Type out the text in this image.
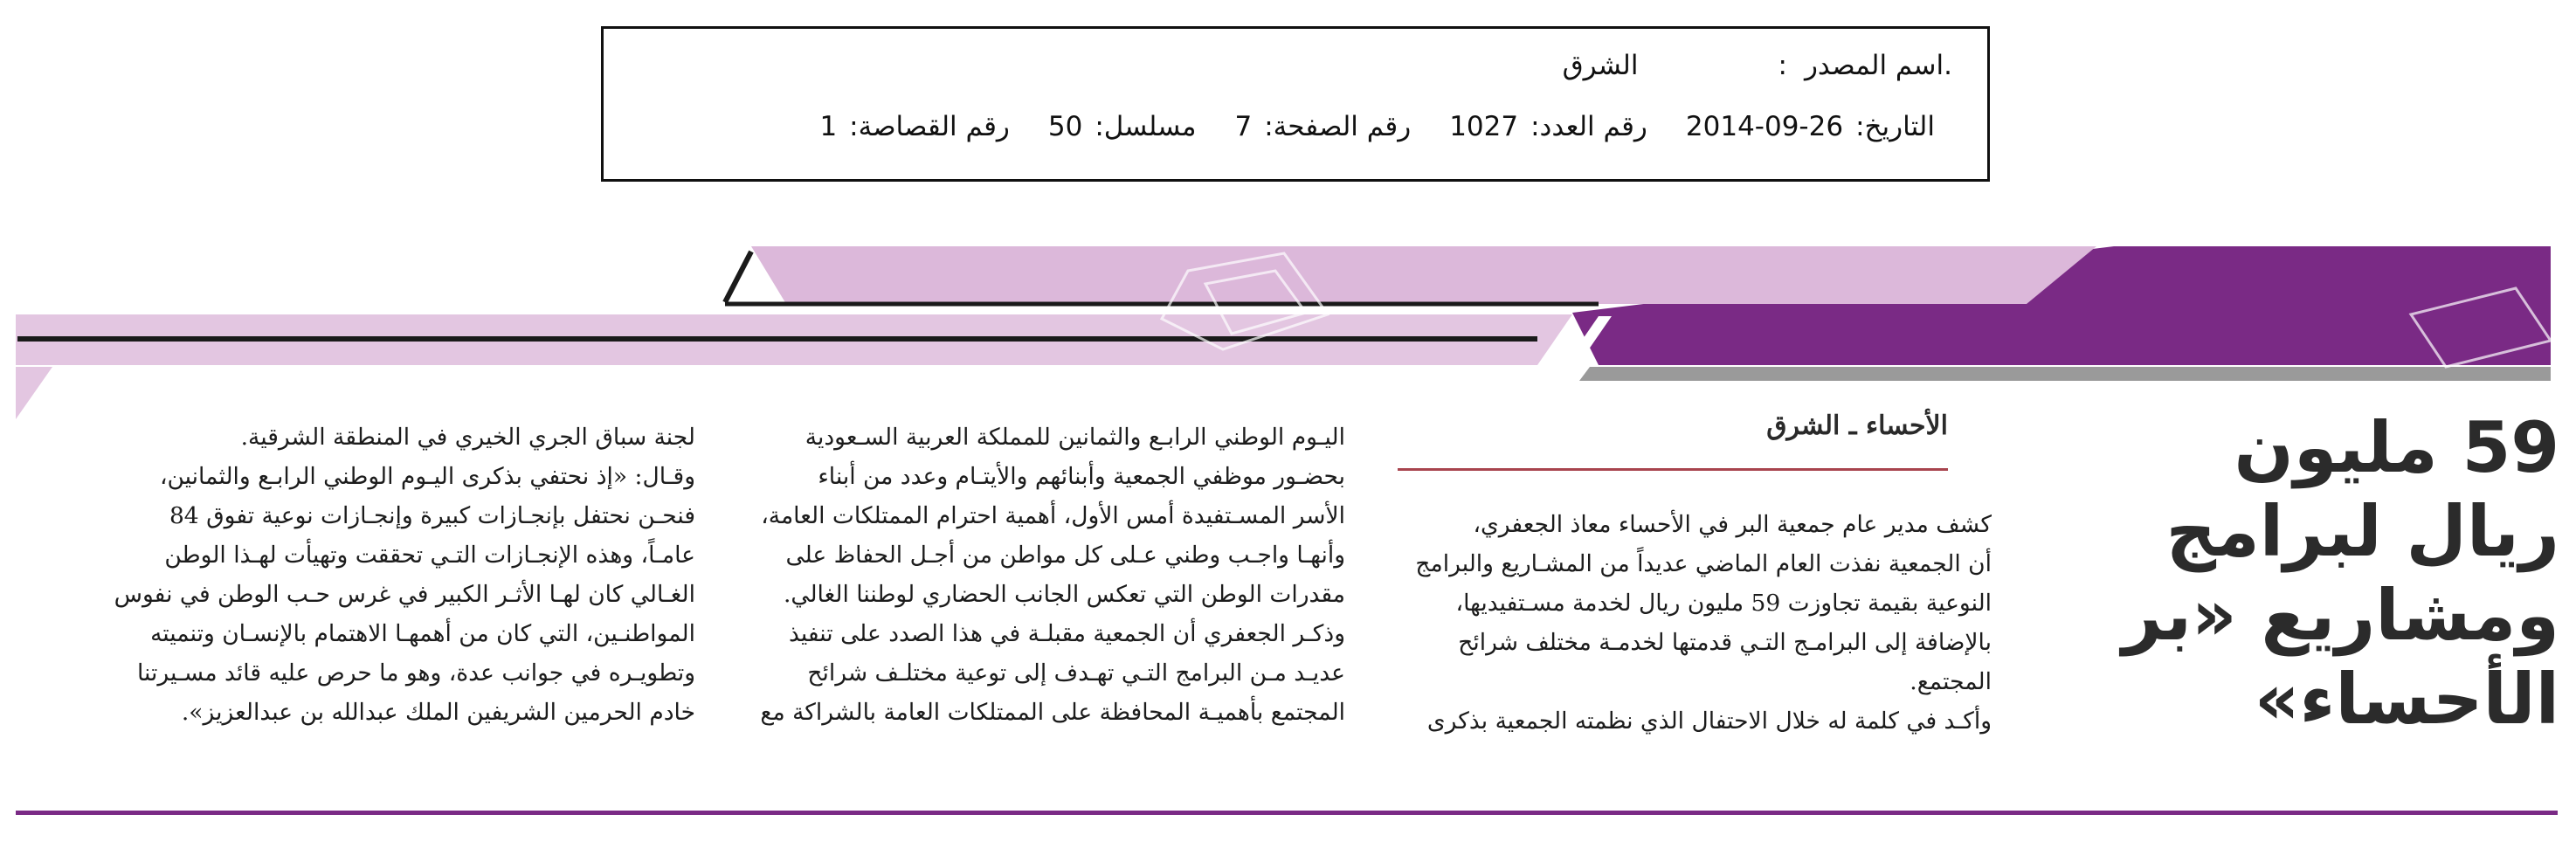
.اسم المصدر:الشرق
التاريخ:2014-09-26رقم العدد:1027رقم الصفحة:7مسلسل:50رقم القصاصة:1
59 مليون
ريال لبرامج
ومشاريع «بر
الأحساء»
الأحساء ـ الشرق

كشف مدير عام جمعية البر في الأحساء معاذ الجعفري،

أن الجمعية نفذت العام الماضي عديداً من المشـاريع والبرامج

النوعية بقيمة تجاوزت 59 مليون ريال لخدمة مسـتفيديها،

بالإضافة إلى البرامـج التـي قدمتها لخدمـة مختلف شرائح

المجتمع.

وأكـد في كلمة له خلال الاحتفال الذي نظمته الجمعية بذكرى

اليـوم الوطني الرابـع والثمانين للمملكة العربية السـعودية

بحضـور موظفي الجمعية وأبنائهم والأيتـام وعدد من أبناء

الأسر المسـتفيدة أمس الأول، أهمية احترام الممتلكات العامة،

وأنهـا واجـب وطني عـلى كل مواطن من أجـل الحفاظ على

مقدرات الوطن التي تعكس الجانب الحضاري لوطننا الغالي.

وذكـر الجعفري أن الجمعية مقبلـة في هذا الصدد على تنفيذ

عديـد مـن البرامج التـي تهـدف إلى توعية مختلـف شرائح

المجتمع بأهميـة المحافظة على الممتلكات العامة بالشراكة مع

لجنة سباق الجري الخيري في المنطقة الشرقية.

وقـال: «إذ نحتفي بذكرى اليـوم الوطني الرابـع والثمانين،

فنحـن نحتفل بإنجـازات كبيرة وإنجـازات نوعية تفوق 84

عامـاً، وهذه الإنجـازات التـي تحققت وتهيأت لهـذا الوطن

الغـالي كان لهـا الأثـر الكبير في غرس حـب الوطن في نفوس

المواطنـين، التي كان من أهمهـا الاهتمام بالإنسـان وتنميته

وتطويـره في جوانب عدة، وهو ما حرص عليه قائد مسـيرتنا

خادم الحرمين الشريفين الملك عبدالله بن عبدالعزيز».
